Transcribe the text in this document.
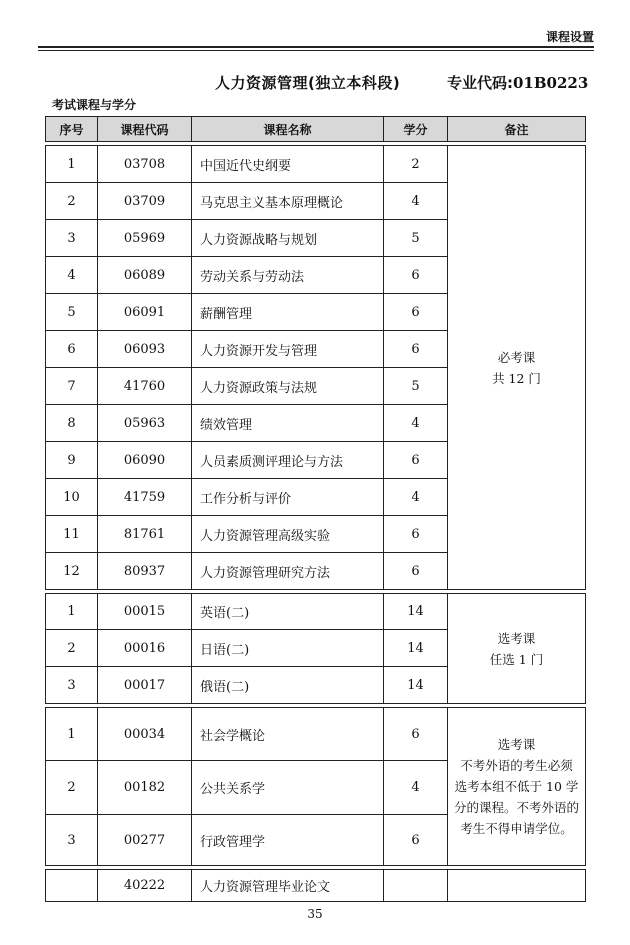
课程设置
人力资源管理(独立本科段)	专业代码:01B0223
考试课程与学分
序号	课程代码	课程名称	学分	备注

1	03708	中国近代史纲要	2	必考课
共 12 门

2	03709	马克思主义基本原理概论	4	
3	05969	人力资源战略与规划	5	
4	06089	劳动关系与劳动法	6	
5	06091	薪酬管理	6	
6	06093	人力资源开发与管理	6	
7	41760	人力资源政策与法规	5	
8	05963	绩效管理	4	
9	06090	人员素质测评理论与方法	6	
10	41759	工作分析与评价	4	
11	81761	人力资源管理高级实验	6	
12	80937	人力资源管理研究方法	6	

1	00015	英语(二)	14	选考课
任选 1 门

2	00016	日语(二)	14	
3	00017	俄语(二)	14	

1	00034	社会学概论	6	选考课
不考外语的考生必须
选考本组不低于 10 学
分的课程。不考外语的
考生不得申请学位。

2	00182	公共关系学	4	
3	00277	行政管理学	6	

	40222	人力资源管理毕业论文		
35
